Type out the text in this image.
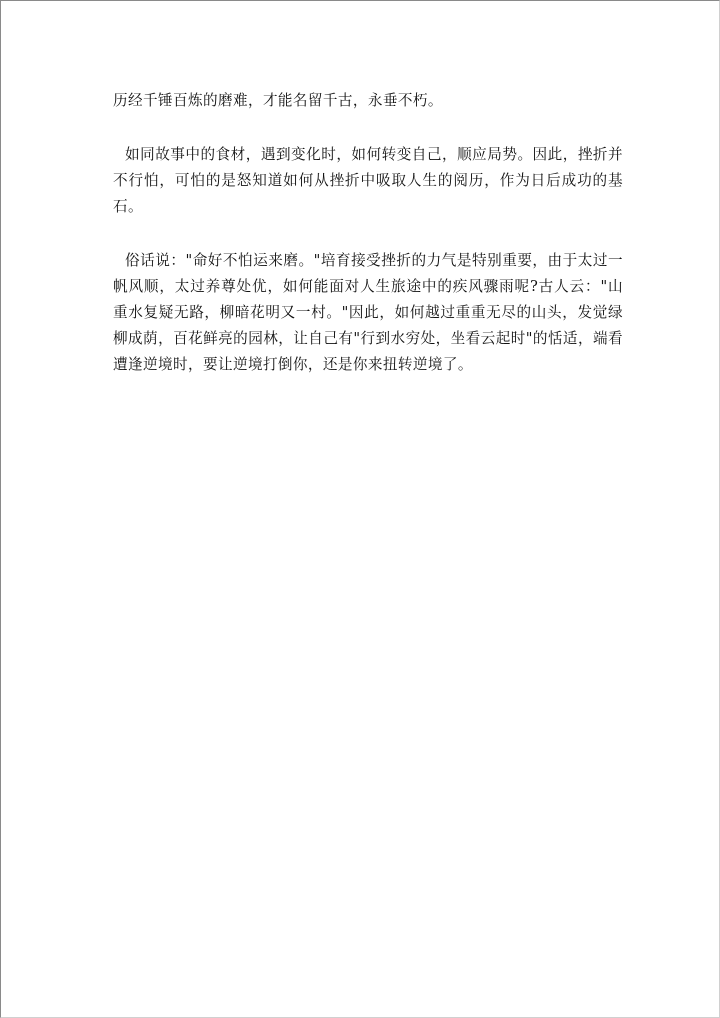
历经千锤百炼的磨难，才能名留千古，永垂不朽。

如同故事中的食材，遇到变化时，如何转变自己，顺应局势。因此，挫折并不行怕，可怕的是怒知道如何从挫折中吸取人生的阅历，作为日后成功的基石。

俗话说："命好不怕运来磨。"培育接受挫折的力气是特别重要，由于太过一帆风顺，太过养尊处优，如何能面对人生旅途中的疾风骤雨呢?古人云："山重水复疑无路，柳暗花明又一村。"因此，如何越过重重无尽的山头，发觉绿柳成荫，百花鲜亮的园林，让自己有"行到水穷处，坐看云起时"的恬适，端看遭逢逆境时，要让逆境打倒你，还是你来扭转逆境了。
